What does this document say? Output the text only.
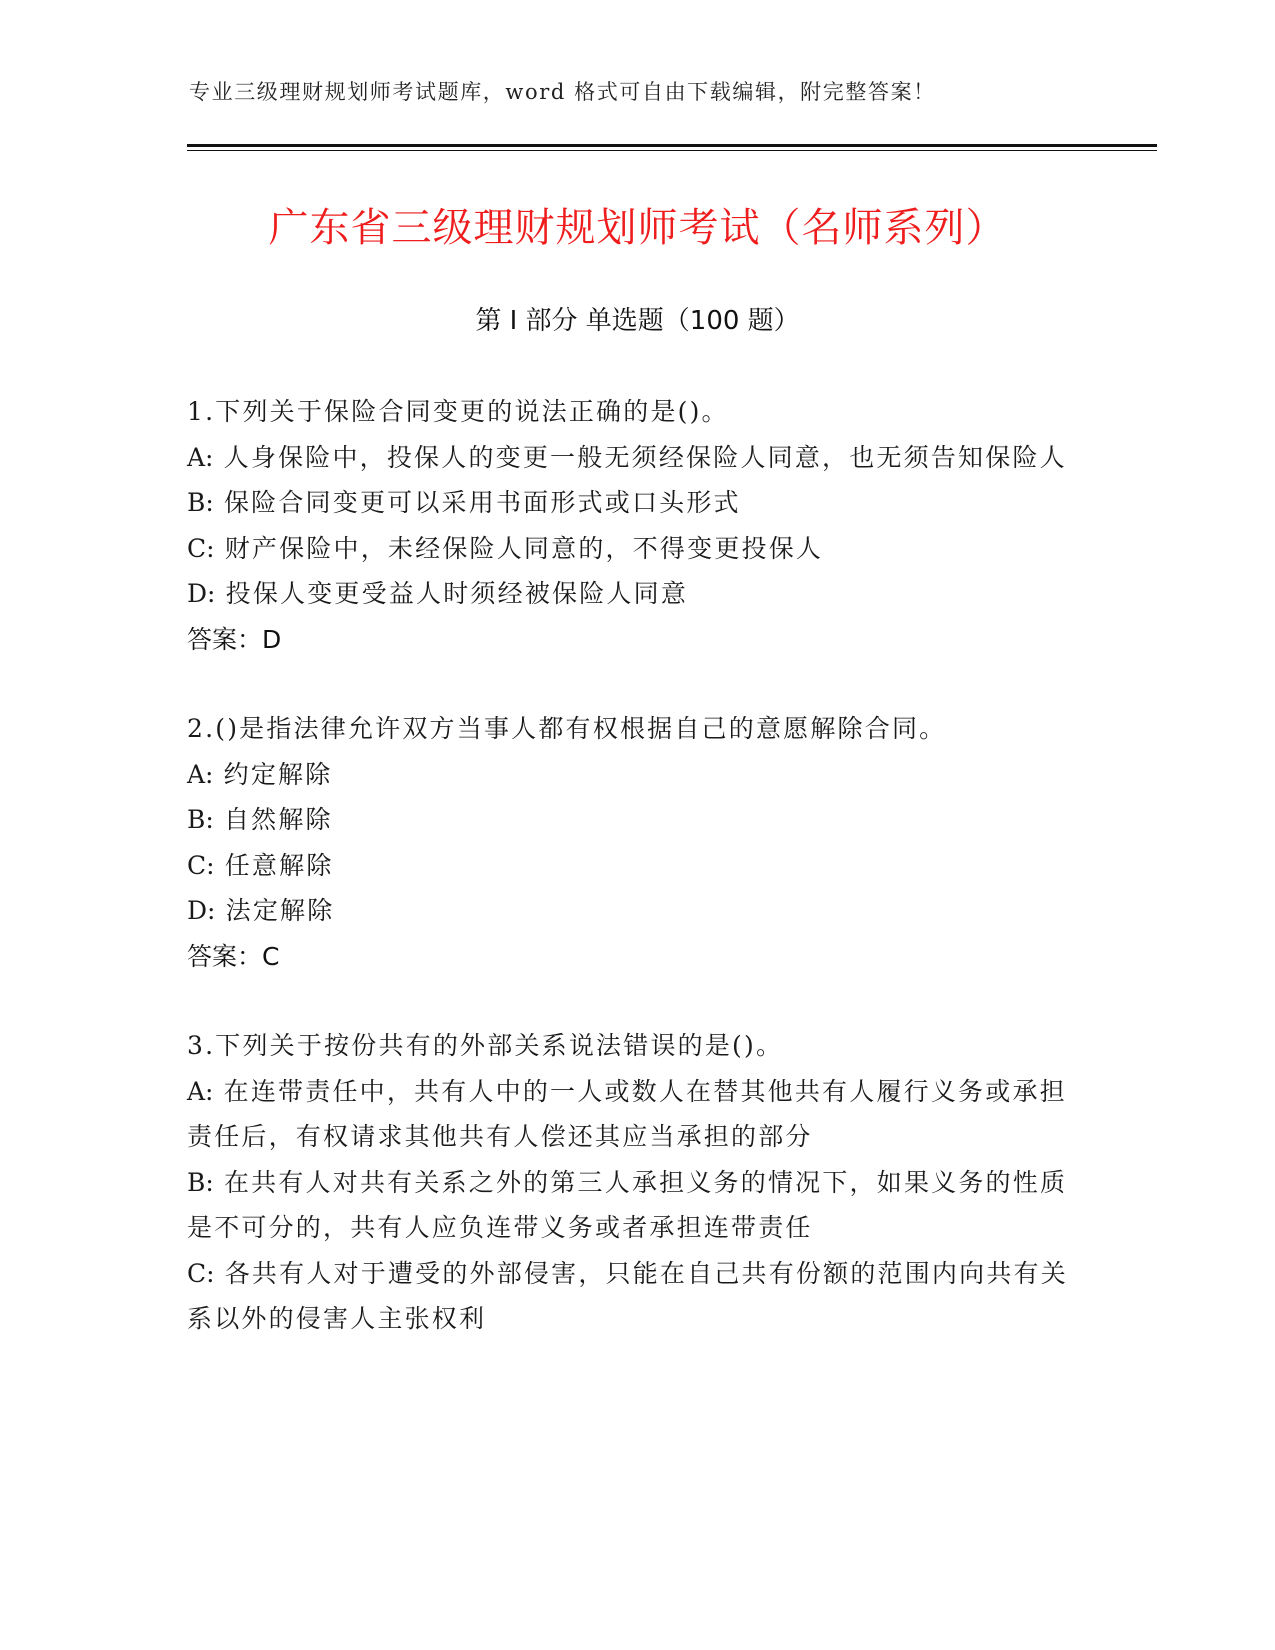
专业三级理财规划师考试题库，word 格式可自由下载编辑，附完整答案！
广东省三级理财规划师考试（名师系列）
第 I 部分 单选题（100 题）

1.下列关于保险合同变更的说法正确的是()。

A: 人身保险中，投保人的变更一般无须经保险人同意，也无须告知保险人

B: 保险合同变更可以采用书面形式或口头形式

C: 财产保险中，未经保险人同意的，不得变更投保人

D: 投保人变更受益人时须经被保险人同意

答案：D

2.()是指法律允许双方当事人都有权根据自己的意愿解除合同。

A: 约定解除

B: 自然解除

C: 任意解除

D: 法定解除

答案：C

3.下列关于按份共有的外部关系说法错误的是()。

A: 在连带责任中，共有人中的一人或数人在替其他共有人履行义务或承担责任后，有权请求其他共有人偿还其应当承担的部分

B: 在共有人对共有关系之外的第三人承担义务的情况下，如果义务的性质是不可分的，共有人应负连带义务或者承担连带责任

C: 各共有人对于遭受的外部侵害，只能在自己共有份额的范围内向共有关系以外的侵害人主张权利
